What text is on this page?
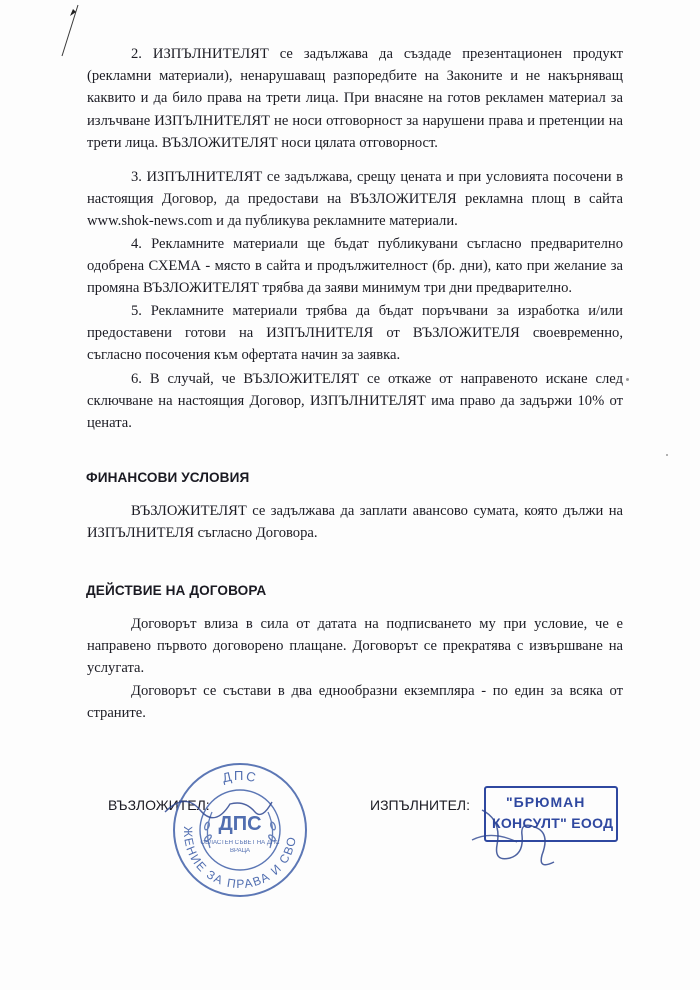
2. ИЗПЪЛНИТЕЛЯТ се задължава да създаде презентационен продукт (рекламни материали), ненарушаващ разпоредбите на Законите и не накърняващ каквито и да било права на трети лица. При внасяне на готов рекламен материал за излъчване ИЗПЪЛНИТЕЛЯТ не носи отговорност за нарушени права и претенции на трети лица. ВЪЗЛОЖИТЕЛЯТ носи цялата отговорност.
3. ИЗПЪЛНИТЕЛЯТ се задължава, срещу цената и при условията посочени в настоящия Договор, да предостави на ВЪЗЛОЖИТЕЛЯ рекламна площ в сайта www.shok-news.com и да публикува рекламните материали.
4. Рекламните материали ще бъдат публикувани съгласно предварително одобрена СХЕМА - място в сайта и продължителност (бр. дни), като при желание за промяна ВЪЗЛОЖИТЕЛЯТ трябва да заяви минимум три дни предварително.
5. Рекламните материали трябва да бъдат поръчвани за изработка и/или предоставени готови на ИЗПЪЛНИТЕЛЯ от ВЪЗЛОЖИТЕЛЯ своевременно, съгласно посочения към офертата начин за заявка.
6. В случай, че ВЪЗЛОЖИТЕЛЯТ се откаже от направеното искане след сключване на настоящия Договор, ИЗПЪЛНИТЕЛЯТ има право да задържи 10% от цената.
ФИНАНСОВИ УСЛОВИЯ
ВЪЗЛОЖИТЕЛЯТ се задължава да заплати авансово сумата, която дължи на ИЗПЪЛНИТЕЛЯ съгласно Договора.
ДЕЙСТВИЕ НА ДОГОВОРА
Договорът влиза в сила от датата на подписването му при условие, че е направено първото договорено плащане. Договорът се прекратява с извършване на услугата.
Договорът се състави в два еднообразни екземпляра - по един за всяка от страните.
ВЪЗЛОЖИТЕЛ:	ИЗПЪЛНИТЕЛ:
ДПС
ЖЕНИЕ ЗА ПРАВА И СВО
ДПС
ОБЛАСТЕН СЪВЕТ НА ДПС
ВРАЦА
"БРЮМАН
КОНСУЛТ" ЕООД
